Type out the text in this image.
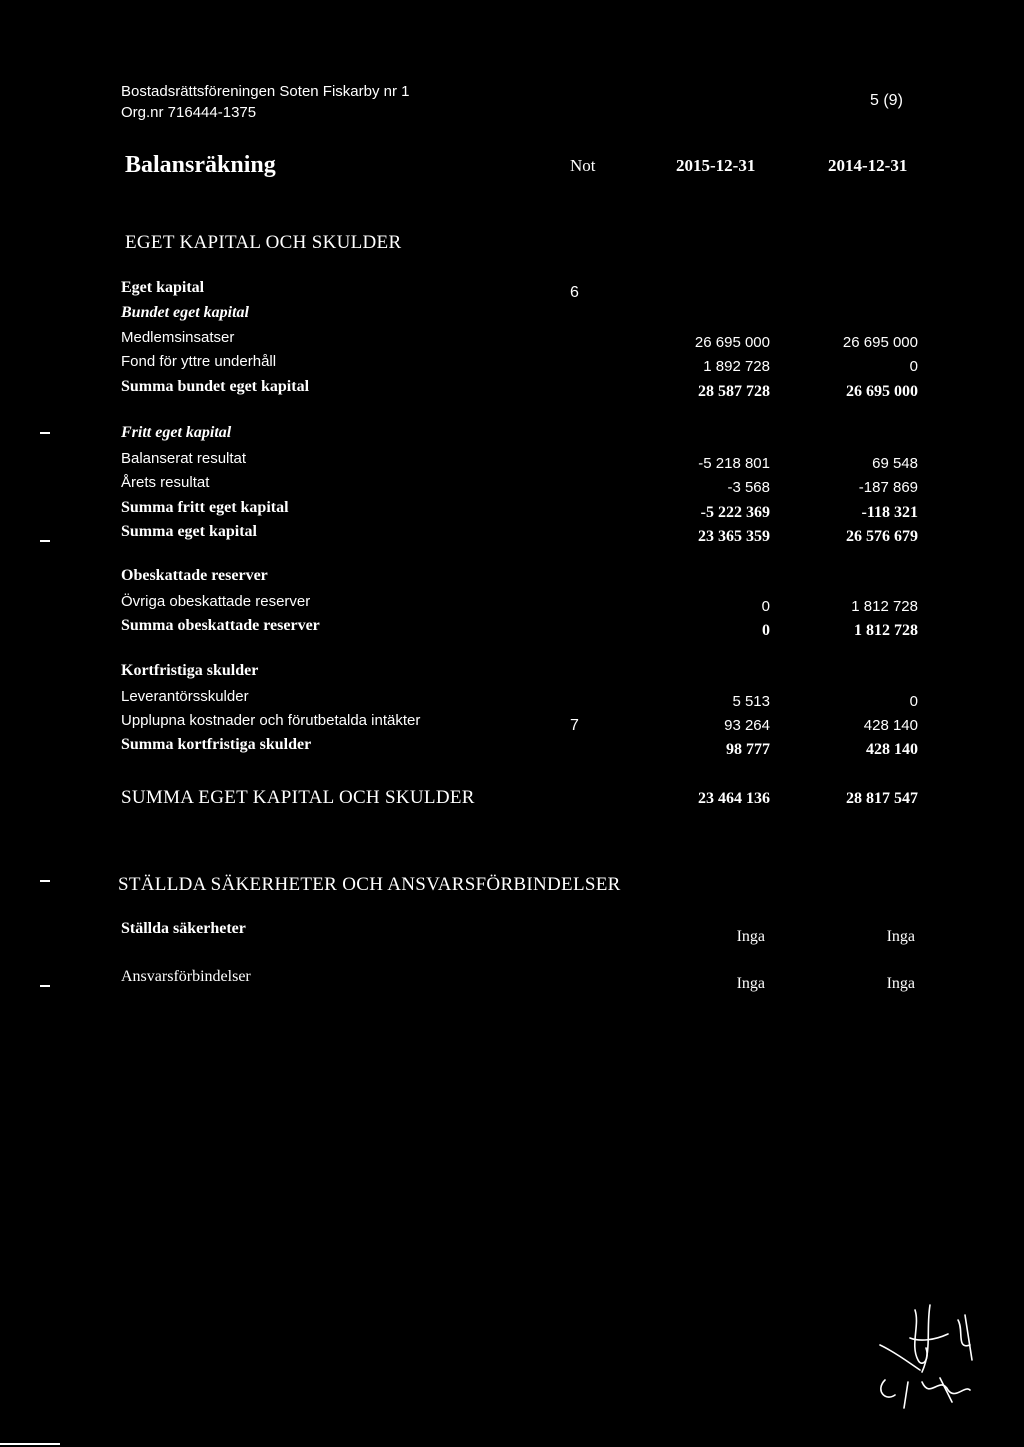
Bostadsrättsföreningen Soten Fiskarby nr 1
Org.nr 716444-1375
5 (9)
Balansräkning	Not	2015-12-31	2014-12-31
EGET KAPITAL OCH SKULDER
Eget kapital	6
Bundet eget kapital
Medlemsinsatser	26 695 000	26 695 000
Fond för yttre underhåll	1 892 728	0
Summa bundet eget kapital	28 587 728	26 695 000
Fritt eget kapital
Balanserat resultat	-5 218 801	69 548
Årets resultat	-3 568	-187 869
Summa fritt eget kapital	-5 222 369	-118 321
Summa eget kapital	23 365 359	26 576 679
Obeskattade reserver
Övriga obeskattade reserver	0	1 812 728
Summa obeskattade reserver	0	1 812 728
Kortfristiga skulder
Leverantörsskulder	5 513	0
Upplupna kostnader och förutbetalda intäkter	7	93 264	428 140
Summa kortfristiga skulder	98 777	428 140
SUMMA EGET KAPITAL OCH SKULDER	23 464 136	28 817 547
STÄLLDA SÄKERHETER OCH ANSVARSFÖRBINDELSER
Ställda säkerheter	Inga	Inga
Ansvarsförbindelser	Inga	Inga
